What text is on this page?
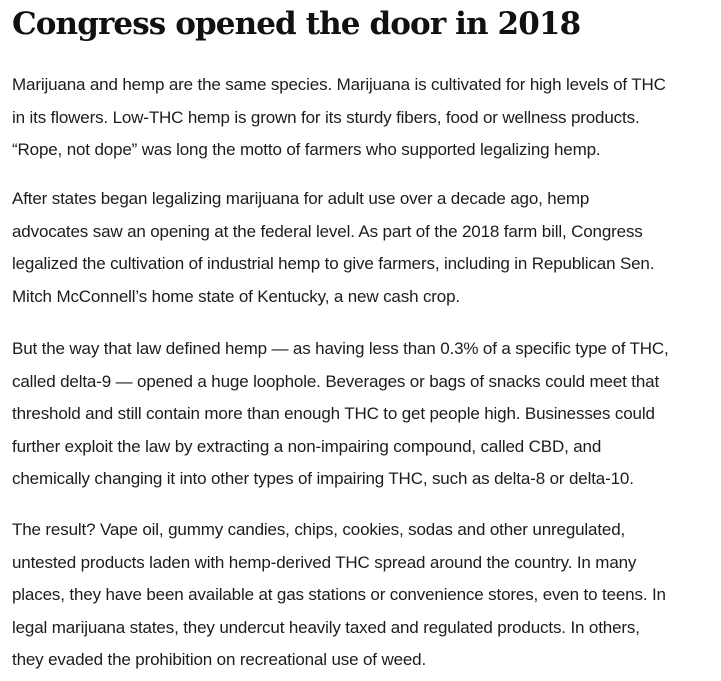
Congress opened the door in 2018

Marijuana and hemp are the same species. Marijuana is cultivated for high levels of THC
in its flowers. Low-THC hemp is grown for its sturdy fibers, food or wellness products.
“Rope, not dope” was long the motto of farmers who supported legalizing hemp.

After states began legalizing marijuana for adult use over a decade ago, hemp
advocates saw an opening at the federal level. As part of the 2018 farm bill, Congress
legalized the cultivation of industrial hemp to give farmers, including in Republican Sen.
Mitch McConnell’s home state of Kentucky, a new cash crop.

But the way that law defined hemp — as having less than 0.3% of a specific type of THC,
called delta-9 — opened a huge loophole. Beverages or bags of snacks could meet that
threshold and still contain more than enough THC to get people high. Businesses could
further exploit the law by extracting a non-impairing compound, called CBD, and
chemically changing it into other types of impairing THC, such as delta-8 or delta-10.

The result? Vape oil, gummy candies, chips, cookies, sodas and other unregulated,
untested products laden with hemp-derived THC spread around the country. In many
places, they have been available at gas stations or convenience stores, even to teens. In
legal marijuana states, they undercut heavily taxed and regulated products. In others,
they evaded the prohibition on recreational use of weed.
